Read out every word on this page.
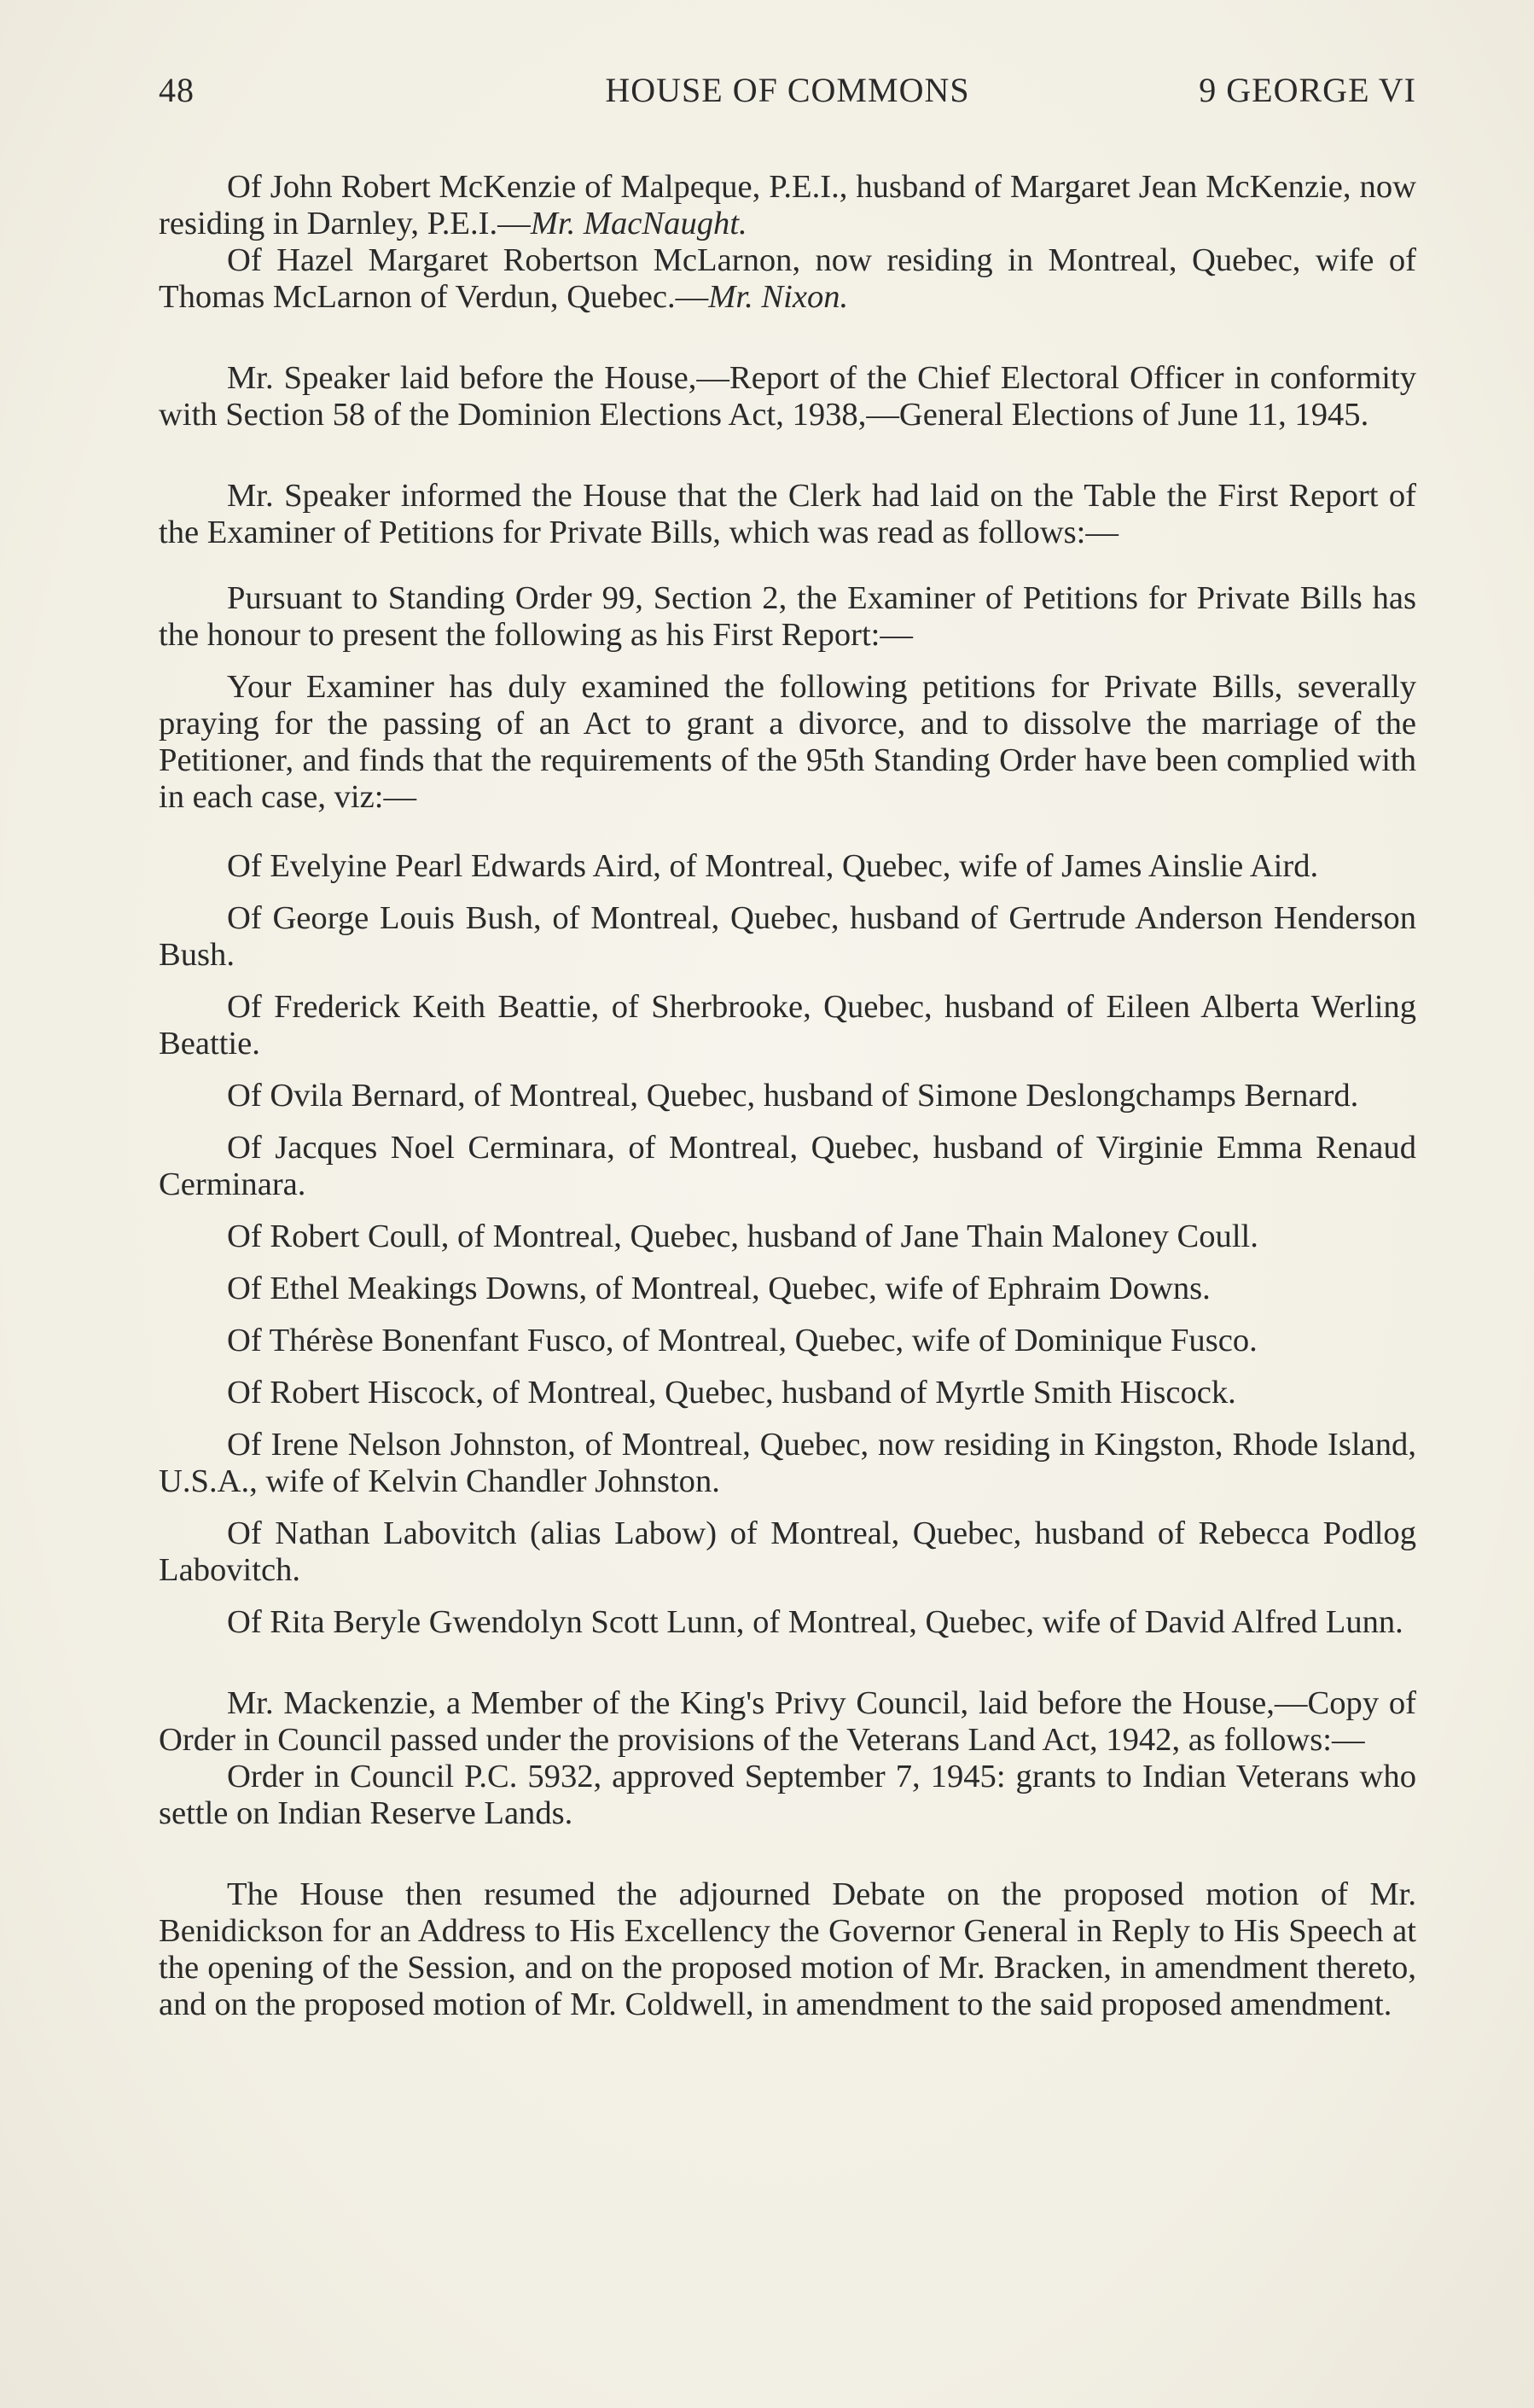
48	HOUSE OF COMMONS	9 GEORGE VI

Of John Robert McKenzie of Malpeque, P.E.I., husband of Margaret Jean McKenzie, now residing in Darnley, P.E.I.—Mr. MacNaught.

Of Hazel Margaret Robertson McLarnon, now residing in Montreal, Quebec, wife of Thomas McLarnon of Verdun, Quebec.—Mr. Nixon.

Mr. Speaker laid before the House,—Report of the Chief Electoral Officer in conformity with Section 58 of the Dominion Elections Act, 1938,—General Elections of June 11, 1945.

Mr. Speaker informed the House that the Clerk had laid on the Table the First Report of the Examiner of Petitions for Private Bills, which was read as follows:—

Pursuant to Standing Order 99, Section 2, the Examiner of Petitions for Private Bills has the honour to present the following as his First Report:—

Your Examiner has duly examined the following petitions for Private Bills, severally praying for the passing of an Act to grant a divorce, and to dissolve the marriage of the Petitioner, and finds that the requirements of the 95th Standing Order have been complied with in each case, viz:—

Of Evelyine Pearl Edwards Aird, of Montreal, Quebec, wife of James Ainslie Aird.

Of George Louis Bush, of Montreal, Quebec, husband of Gertrude Anderson Henderson Bush.

Of Frederick Keith Beattie, of Sherbrooke, Quebec, husband of Eileen Alberta Werling Beattie.

Of Ovila Bernard, of Montreal, Quebec, husband of Simone Deslongchamps Bernard.

Of Jacques Noel Cerminara, of Montreal, Quebec, husband of Virginie Emma Renaud Cerminara.

Of Robert Coull, of Montreal, Quebec, husband of Jane Thain Maloney Coull.

Of Ethel Meakings Downs, of Montreal, Quebec, wife of Ephraim Downs.

Of Thérèse Bonenfant Fusco, of Montreal, Quebec, wife of Dominique Fusco.

Of Robert Hiscock, of Montreal, Quebec, husband of Myrtle Smith Hiscock.

Of Irene Nelson Johnston, of Montreal, Quebec, now residing in Kingston, Rhode Island, U.S.A., wife of Kelvin Chandler Johnston.

Of Nathan Labovitch (alias Labow) of Montreal, Quebec, husband of Rebecca Podlog Labovitch.

Of Rita Beryle Gwendolyn Scott Lunn, of Montreal, Quebec, wife of David Alfred Lunn.

Mr. Mackenzie, a Member of the King's Privy Council, laid before the House,—Copy of Order in Council passed under the provisions of the Veterans Land Act, 1942, as follows:—

Order in Council P.C. 5932, approved September 7, 1945: grants to Indian Veterans who settle on Indian Reserve Lands.

The House then resumed the adjourned Debate on the proposed motion of Mr. Benidickson for an Address to His Excellency the Governor General in Reply to His Speech at the opening of the Session, and on the proposed motion of Mr. Bracken, in amendment thereto, and on the proposed motion of Mr. Coldwell, in amendment to the said proposed amendment.
